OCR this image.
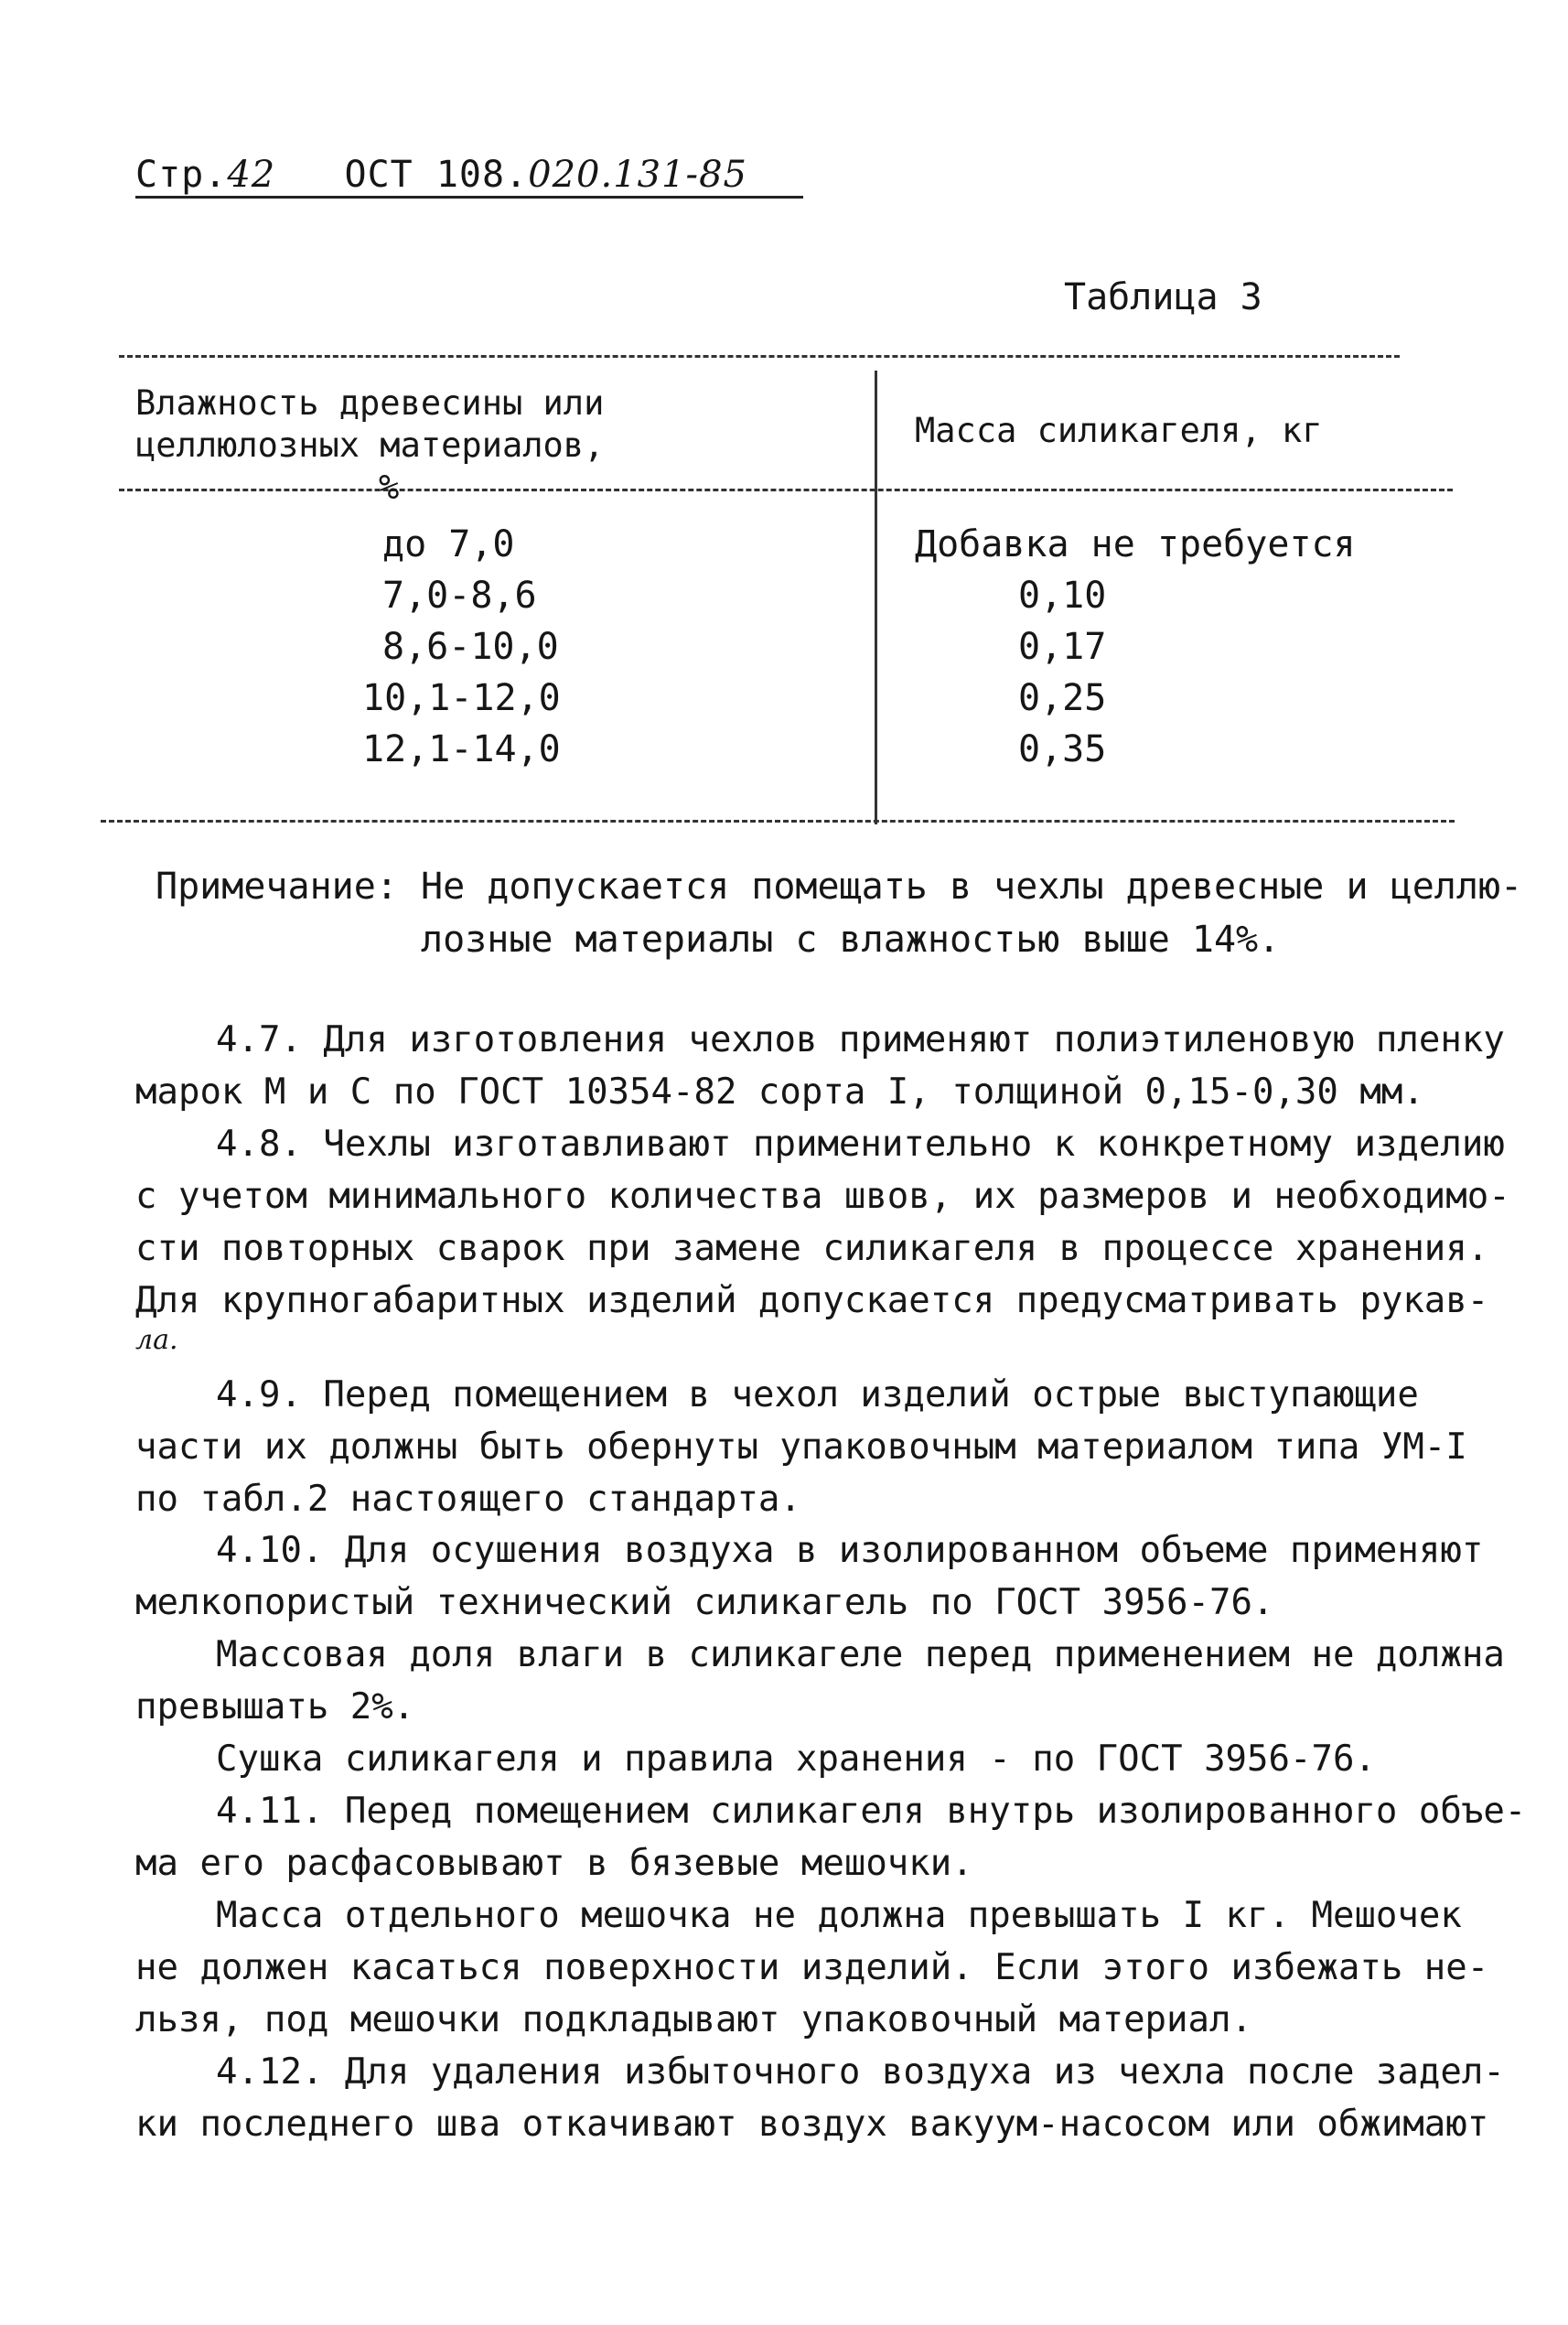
Стр.42 ОСТ 108.020.131-85
Таблица 3
Влажность древесины или
целлюлозных материалов,
%
Масса силикагеля, кг
до 7,0	Добавка не требуется
7,0-8,6	0,10
8,6-10,0	0,17
10,1-12,0	0,25
12,1-14,0	0,35
Примечание: Не допускается помещать в чехлы древесные и целлю-
лозные материалы с влажностью выше 14%.
4.7. Для изготовления чехлов применяют полиэтиленовую пленку
марок М и С по ГОСТ 10354-82 сорта I, толщиной 0,15-0,30 мм.
4.8. Чехлы изготавливают применительно к конкретному изделию
с учетом минимального количества швов, их размеров и необходимо-
сти повторных сварок при замене силикагеля в процессе хранения.
Для крупногабаритных изделий допускается предусматривать рукав-
ла.
4.9. Перед помещением в чехол изделий острые выступающие
части их должны быть обернуты упаковочным материалом типа УМ-I
по табл.2 настоящего стандарта.
4.10. Для осушения воздуха в изолированном объеме применяют
мелкопористый технический силикагель по ГОСТ 3956-76.
Массовая доля влаги в силикагеле перед применением не должна
превышать 2%.
Сушка силикагеля и правила хранения - по ГОСТ 3956-76.
4.11. Перед помещением силикагеля внутрь изолированного объе-
ма его расфасовывают в бязевые мешочки.
Масса отдельного мешочка не должна превышать I кг. Мешочек
не должен касаться поверхности изделий. Если этого избежать не-
льзя, под мешочки подкладывают упаковочный материал.
4.12. Для удаления избыточного воздуха из чехла после задел-
ки последнего шва откачивают воздух вакуум-насосом или обжимают
